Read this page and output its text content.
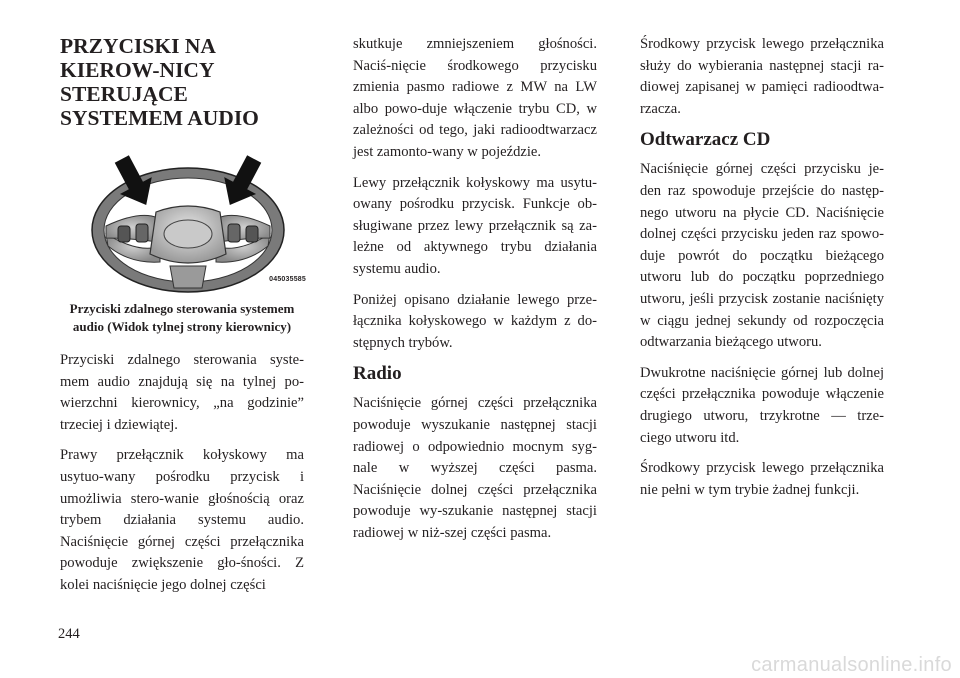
PRZYCISKI NA KIEROW-NICY STERUJĄCE SYSTEMEM AUDIO
045035585

Przyciski zdalnego sterowania systemem audio (Widok tylnej strony kierownicy)

Przyciski zdalnego sterowania syste-mem audio znajdują się na tylnej po-wierzchni kierownicy, „na godzinie” trzeciej i dziewiątej.

Prawy przełącznik kołyskowy ma usytuo-wany pośrodku przycisk i umożliwia stero-wanie głośnością oraz trybem działania systemu audio. Naciśnięcie górnej części przełącznika powoduje zwiększenie gło-śności. Z kolei naciśnięcie jego dolnej części

skutkuje zmniejszeniem głośności. Naciś-nięcie środkowego przycisku zmienia pasmo radiowe z MW na LW albo powo-duje włączenie trybu CD, w zależności od tego, jaki radioodtwarzacz jest zamonto-wany w pojeździe.

Lewy przełącznik kołyskowy ma usytu-owany pośrodku przycisk. Funkcje ob-sługiwane przez lewy przełącznik są za-leżne od aktywnego trybu działania systemu audio.

Poniżej opisano działanie lewego prze-łącznika kołyskowego w każdym z do-stępnych trybów.

Radio

Naciśnięcie górnej części przełącznika powoduje wyszukanie następnej stacji radiowej o odpowiednio mocnym syg-nale w wyższej części pasma. Naciśnięcie dolnej części przełącznika powoduje wy-szukanie następnej stacji radiowej w niż-szej części pasma.

Środkowy przycisk lewego przełącznika służy do wybierania następnej stacji ra-diowej zapisanej w pamięci radioodtwa-rzacza.

Odtwarzacz CD

Naciśnięcie górnej części przycisku je-den raz spowoduje przejście do następ-nego utworu na płycie CD. Naciśnięcie dolnej części przycisku jeden raz spowo-duje powrót do początku bieżącego utworu lub do początku poprzedniego utworu, jeśli przycisk zostanie naciśnięty w ciągu jednej sekundy od rozpoczęcia odtwarzania bieżącego utworu.

Dwukrotne naciśnięcie górnej lub dolnej części przełącznika powoduje włączenie drugiego utworu, trzykrotne — trze-ciego utworu itd.

Środkowy przycisk lewego przełącznika nie pełni w tym trybie żadnej funkcji.

244
carmanualsonline.info
